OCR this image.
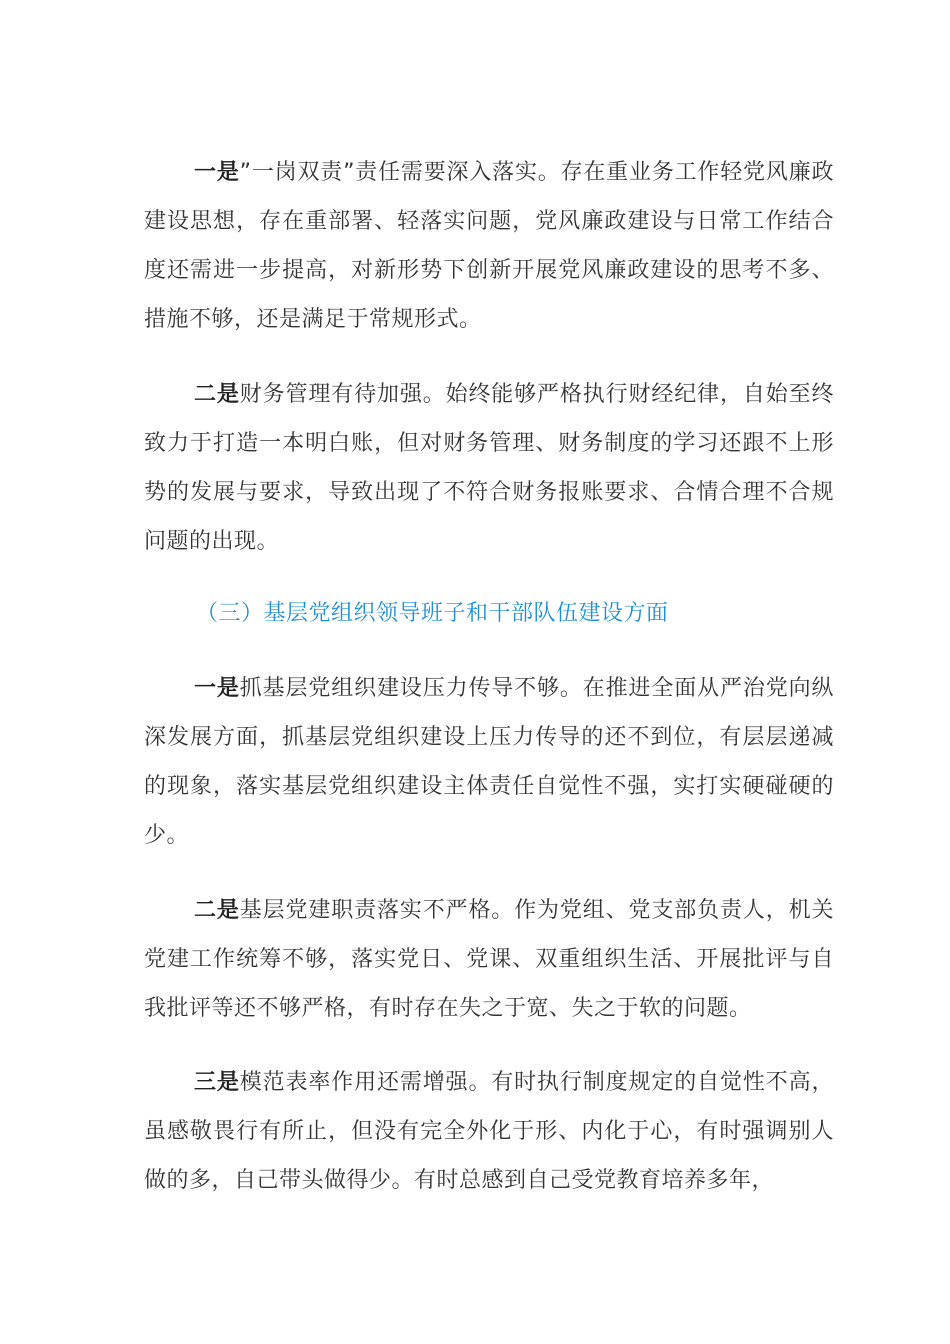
一是”一岗双责”责任需要深入落实。存在重业务工作轻党风廉政建设思想，存在重部署、轻落实问题，党风廉政建设与日常工作结合度还需进一步提高，对新形势下创新开展党风廉政建设的思考不多、措施不够，还是满足于常规形式。

二是财务管理有待加强。始终能够严格执行财经纪律，自始至终致力于打造一本明白账，但对财务管理、财务制度的学习还跟不上形势的发展与要求，导致出现了不符合财务报账要求、合情合理不合规问题的出现。

（三）基层党组织领导班子和干部队伍建设方面

一是抓基层党组织建设压力传导不够。在推进全面从严治党向纵深发展方面，抓基层党组织建设上压力传导的还不到位，有层层递减的现象，落实基层党组织建设主体责任自觉性不强，实打实硬碰硬的少。

二是基层党建职责落实不严格。作为党组、党支部负责人，机关党建工作统筹不够，落实党日、党课、双重组织生活、开展批评与自我批评等还不够严格，有时存在失之于宽、失之于软的问题。

三是模范表率作用还需增强。有时执行制度规定的自觉性不高，虽感敬畏行有所止，但没有完全外化于形、内化于心，有时强调别人做的多，自己带头做得少。有时总感到自己受党教育培养多年，
